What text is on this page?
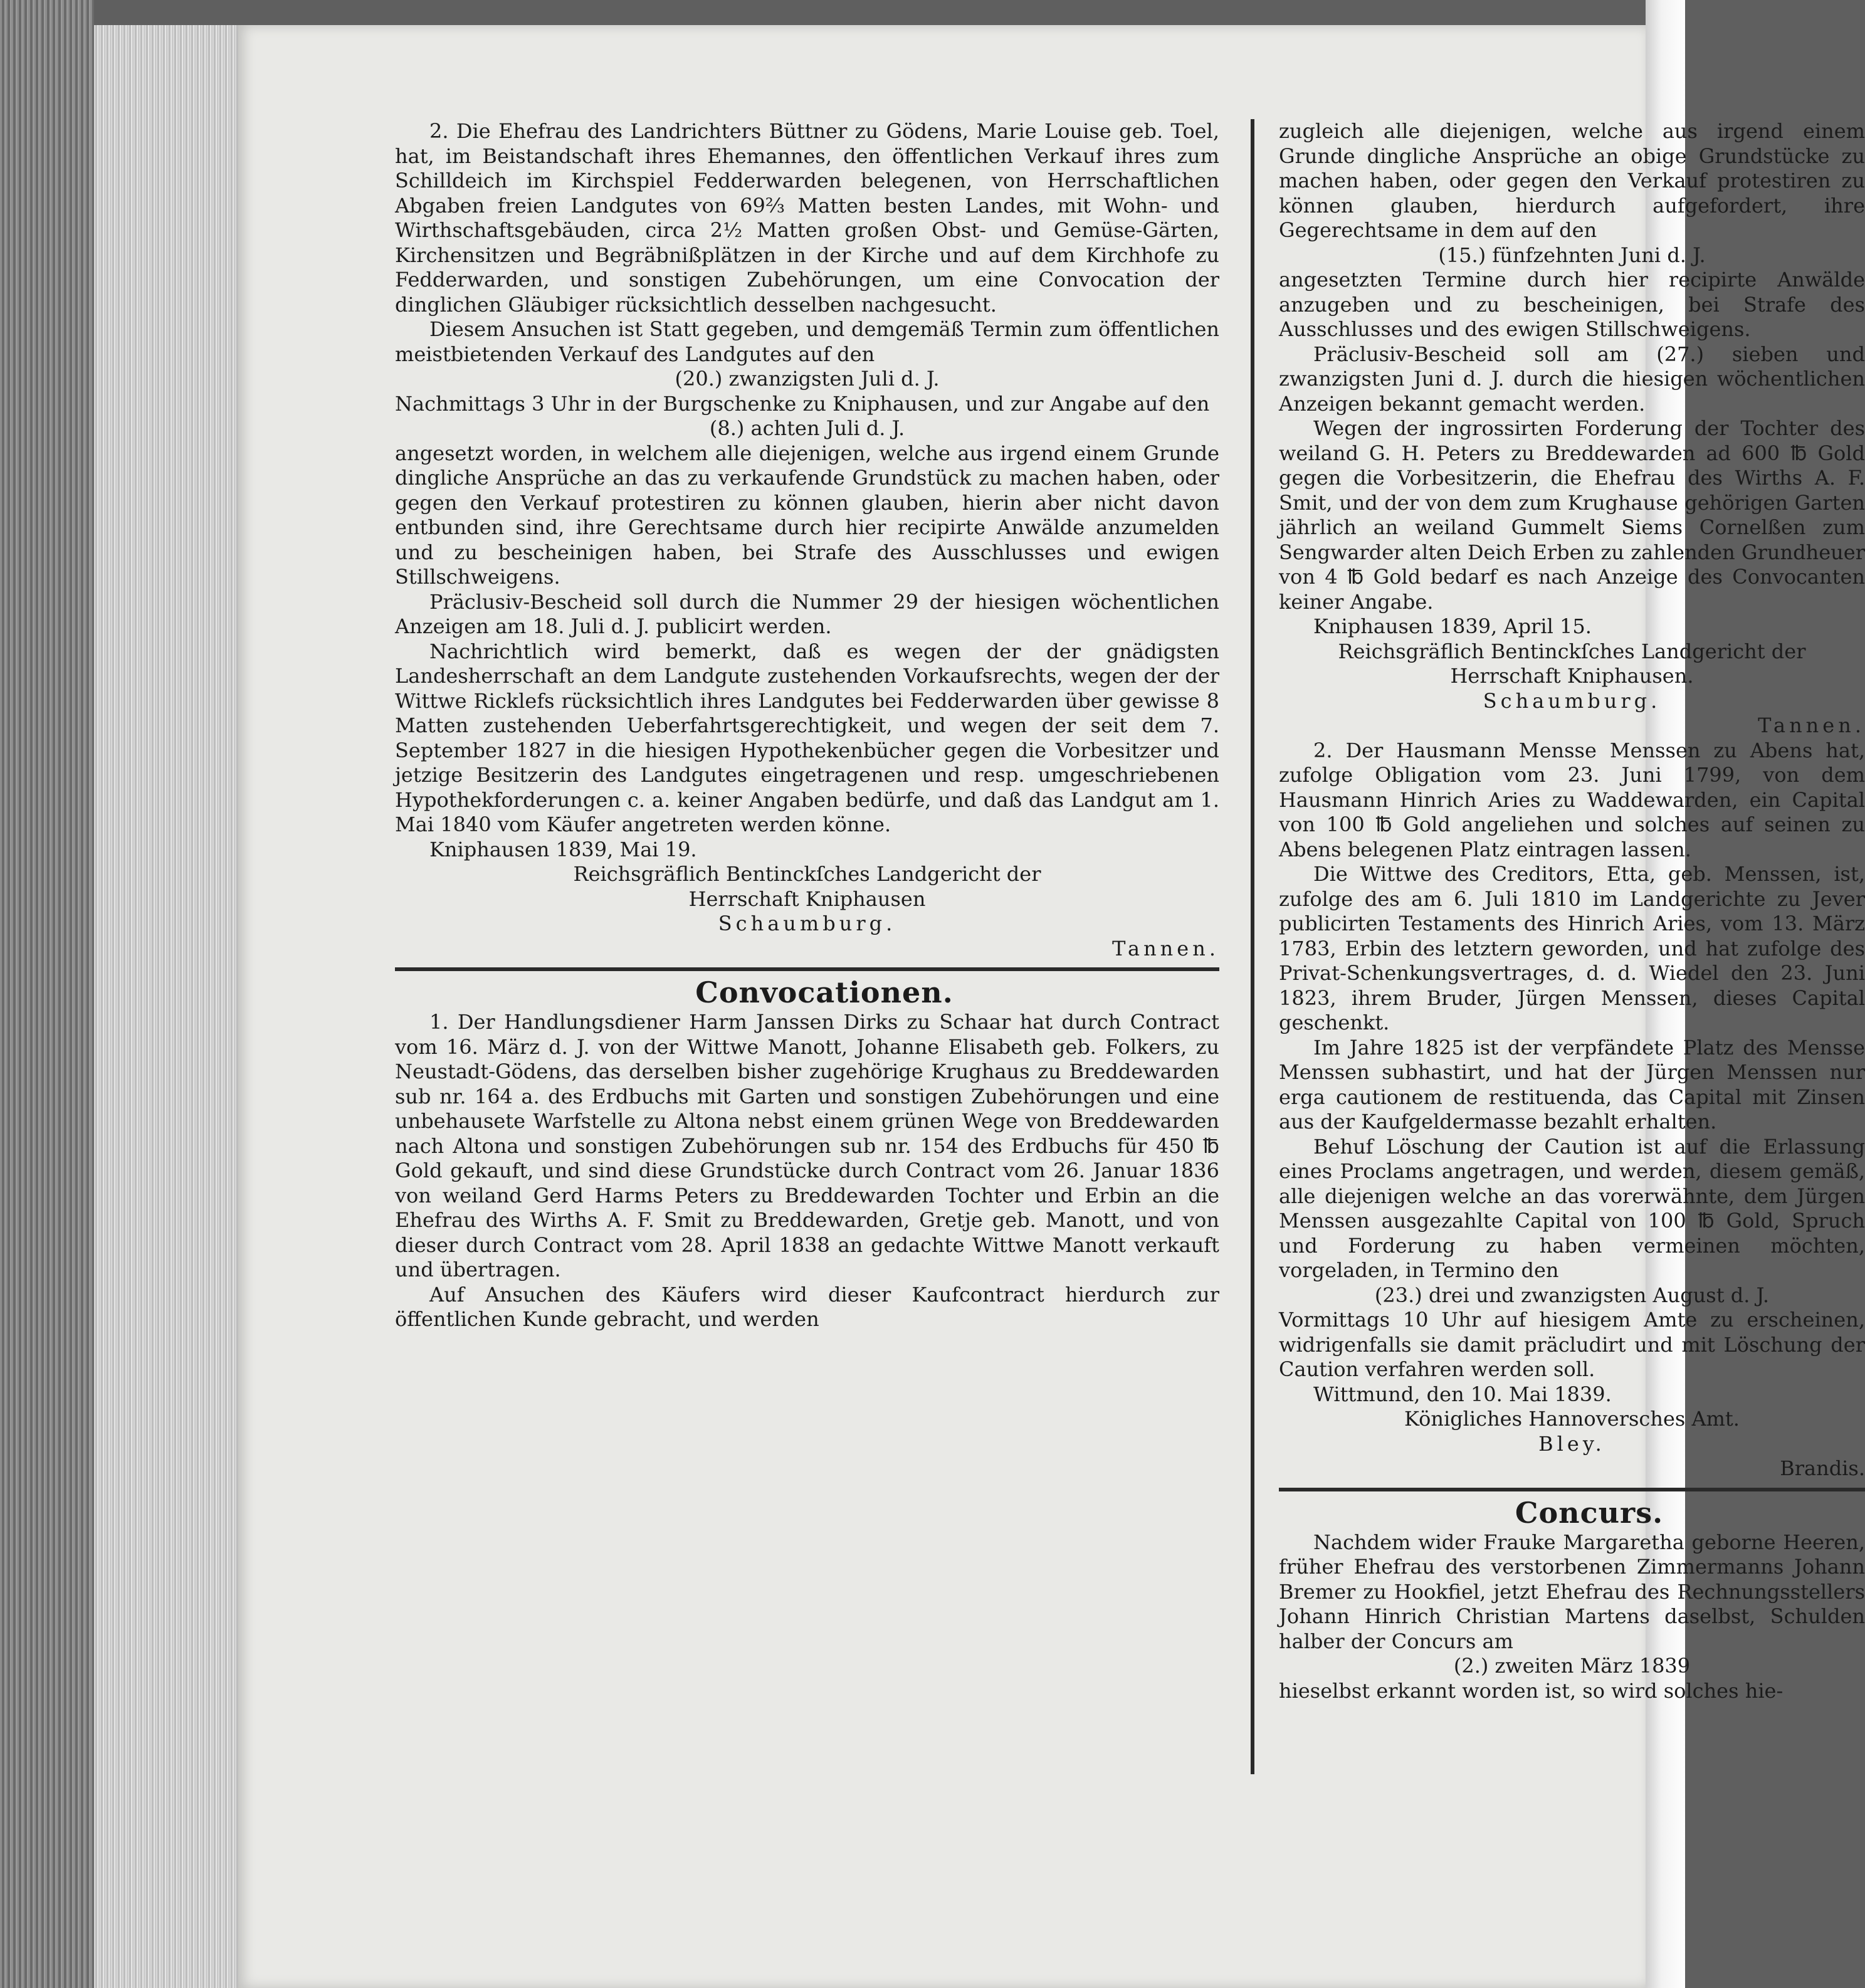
2. Die Ehefrau des Landrichters Büttner zu Gödens, Marie Louise geb. Toel, hat, im Beistandschaft ihres Ehemannes, den öffentlichen Verkauf ihres zum Schilldeich im Kirchspiel Fedderwarden belegenen, von Herrschaftlichen Abgaben freien Landgutes von 69⅔ Matten besten Landes, mit Wohn- und Wirthschaftsgebäuden, circa 2½ Matten großen Obst- und Gemüse-Gärten, Kirchensitzen und Begräbnißplätzen in der Kirche und auf dem Kirchhofe zu Fedderwarden, und sonstigen Zubehörungen, um eine Convocation der dinglichen Gläubiger rücksichtlich desselben nachgesucht.

Diesem Ansuchen ist Statt gegeben, und demgemäß Termin zum öffentlichen meistbietenden Verkauf des Landgutes auf den

(20.) zwanzigsten Juli d. J.

Nachmittags 3 Uhr in der Burgschenke zu Kniphausen, und zur Angabe auf den

(8.) achten Juli d. J.

angesetzt worden, in welchem alle diejenigen, welche aus irgend einem Grunde dingliche Ansprüche an das zu verkaufende Grundstück zu machen haben, oder gegen den Verkauf protestiren zu können glauben, hierin aber nicht davon entbunden sind, ihre Gerechtsame durch hier recipirte Anwälde anzumelden und zu bescheinigen haben, bei Strafe des Ausschlusses und ewigen Stillschweigens.

Präclusiv-Bescheid soll durch die Nummer 29 der hiesigen wöchentlichen Anzeigen am 18. Juli d. J. publicirt werden.

Nachrichtlich wird bemerkt, daß es wegen der der gnädigsten Landesherrschaft an dem Landgute zustehenden Vorkaufsrechts, wegen der der Wittwe Ricklefs rücksichtlich ihres Landgutes bei Fedderwarden über gewisse 8 Matten zustehenden Ueberfahrtsgerechtigkeit, und wegen der seit dem 7. September 1827 in die hiesigen Hypothekenbücher gegen die Vorbesitzer und jetzige Besitzerin des Landgutes eingetragenen und resp. umgeschriebenen Hypothekforderungen c. a. keiner Angaben bedürfe, und daß das Landgut am 1. Mai 1840 vom Käufer angetreten werden könne.

Kniphausen 1839, Mai 19.

Reichsgräflich Bentinckſches Landgericht der

Herrschaft Kniphausen

Schaumburg.

Tannen.

Convocationen.

1. Der Handlungsdiener Harm Janssen Dirks zu Schaar hat durch Contract vom 16. März d. J. von der Wittwe Manott, Johanne Elisabeth geb. Folkers, zu Neustadt-Gödens, das derselben bisher zugehörige Krughaus zu Breddewarden sub nr. 164 a. des Erdbuchs mit Garten und sonstigen Zubehörungen und eine unbehausete Warfstelle zu Altona nebst einem grünen Wege von Breddewarden nach Altona und sonstigen Zubehörungen sub nr. 154 des Erdbuchs für 450 ℔ Gold gekauft, und sind diese Grundstücke durch Contract vom 26. Januar 1836 von weiland Gerd Harms Peters zu Breddewarden Tochter und Erbin an die Ehefrau des Wirths A. F. Smit zu Breddewarden, Gretje geb. Manott, und von dieser durch Contract vom 28. April 1838 an gedachte Wittwe Manott verkauft und übertragen.

Auf Ansuchen des Käufers wird dieser Kaufcontract hierdurch zur öffentlichen Kunde gebracht, und werden

zugleich alle diejenigen, welche aus irgend einem Grunde dingliche Ansprüche an obige Grundstücke zu machen haben, oder gegen den Verkauf protestiren zu können glauben, hierdurch aufgefordert, ihre Gegerechtsame in dem auf den

(15.) fünfzehnten Juni d. J.

angesetzten Termine durch hier recipirte Anwälde anzugeben und zu bescheinigen, bei Strafe des Ausschlusses und des ewigen Stillschweigens.

Präclusiv-Bescheid soll am (27.) sieben und zwanzigsten Juni d. J. durch die hiesigen wöchentlichen Anzeigen bekannt gemacht werden.

Wegen der ingrossirten Forderung der Tochter des weiland G. H. Peters zu Breddewarden ad 600 ℔ Gold gegen die Vorbesitzerin, die Ehefrau des Wirths A. F. Smit, und der von dem zum Krughause gehörigen Garten jährlich an weiland Gummelt Siems Cornelßen zum Sengwarder alten Deich Erben zu zahlenden Grundheuer von 4 ℔ Gold bedarf es nach Anzeige des Convocanten keiner Angabe.

Kniphausen 1839, April 15.

Reichsgräflich Bentinckſches Landgericht der

Herrschaft Kniphausen.

Schaumburg.

Tannen.

2. Der Hausmann Mensse Menssen zu Abens hat, zufolge Obligation vom 23. Juni 1799, von dem Hausmann Hinrich Aries zu Waddewarden, ein Capital von 100 ℔ Gold angeliehen und solches auf seinen zu Abens belegenen Platz eintragen lassen.

Die Wittwe des Creditors, Etta, geb. Menssen, ist, zufolge des am 6. Juli 1810 im Landgerichte zu Jever publicirten Testaments des Hinrich Aries, vom 13. März 1783, Erbin des letztern geworden, und hat zufolge des Privat-Schenkungsvertrages, d. d. Wiedel den 23. Juni 1823, ihrem Bruder, Jürgen Menssen, dieses Capital geschenkt.

Im Jahre 1825 ist der verpfändete Platz des Mensse Menssen subhastirt, und hat der Jürgen Menssen nur erga cautionem de restituenda, das Capital mit Zinsen aus der Kaufgeldermasse bezahlt erhalten.

Behuf Löschung der Caution ist auf die Erlassung eines Proclams angetragen, und werden, diesem gemäß, alle diejenigen welche an das vorerwähnte, dem Jürgen Menssen ausgezahlte Capital von 100 ℔ Gold, Spruch und Forderung zu haben vermeinen möchten, vorgeladen, in Termino den

(23.) drei und zwanzigsten August d. J.

Vormittags 10 Uhr auf hiesigem Amte zu erscheinen, widrigenfalls sie damit präcludirt und mit Löschung der Caution verfahren werden soll.

Wittmund, den 10. Mai 1839.

Königliches Hannoversches Amt.

Bley.

Brandis.

Concurs.

Nachdem wider Frauke Margaretha geborne Heeren, früher Ehefrau des verstorbenen Zimmermanns Johann Bremer zu Hookfiel, jetzt Ehefrau des Rechnungsstellers Johann Hinrich Christian Martens daselbst, Schulden halber der Concurs am

(2.) zweiten März 1839

hieselbst erkannt worden ist, so wird solches hie-
